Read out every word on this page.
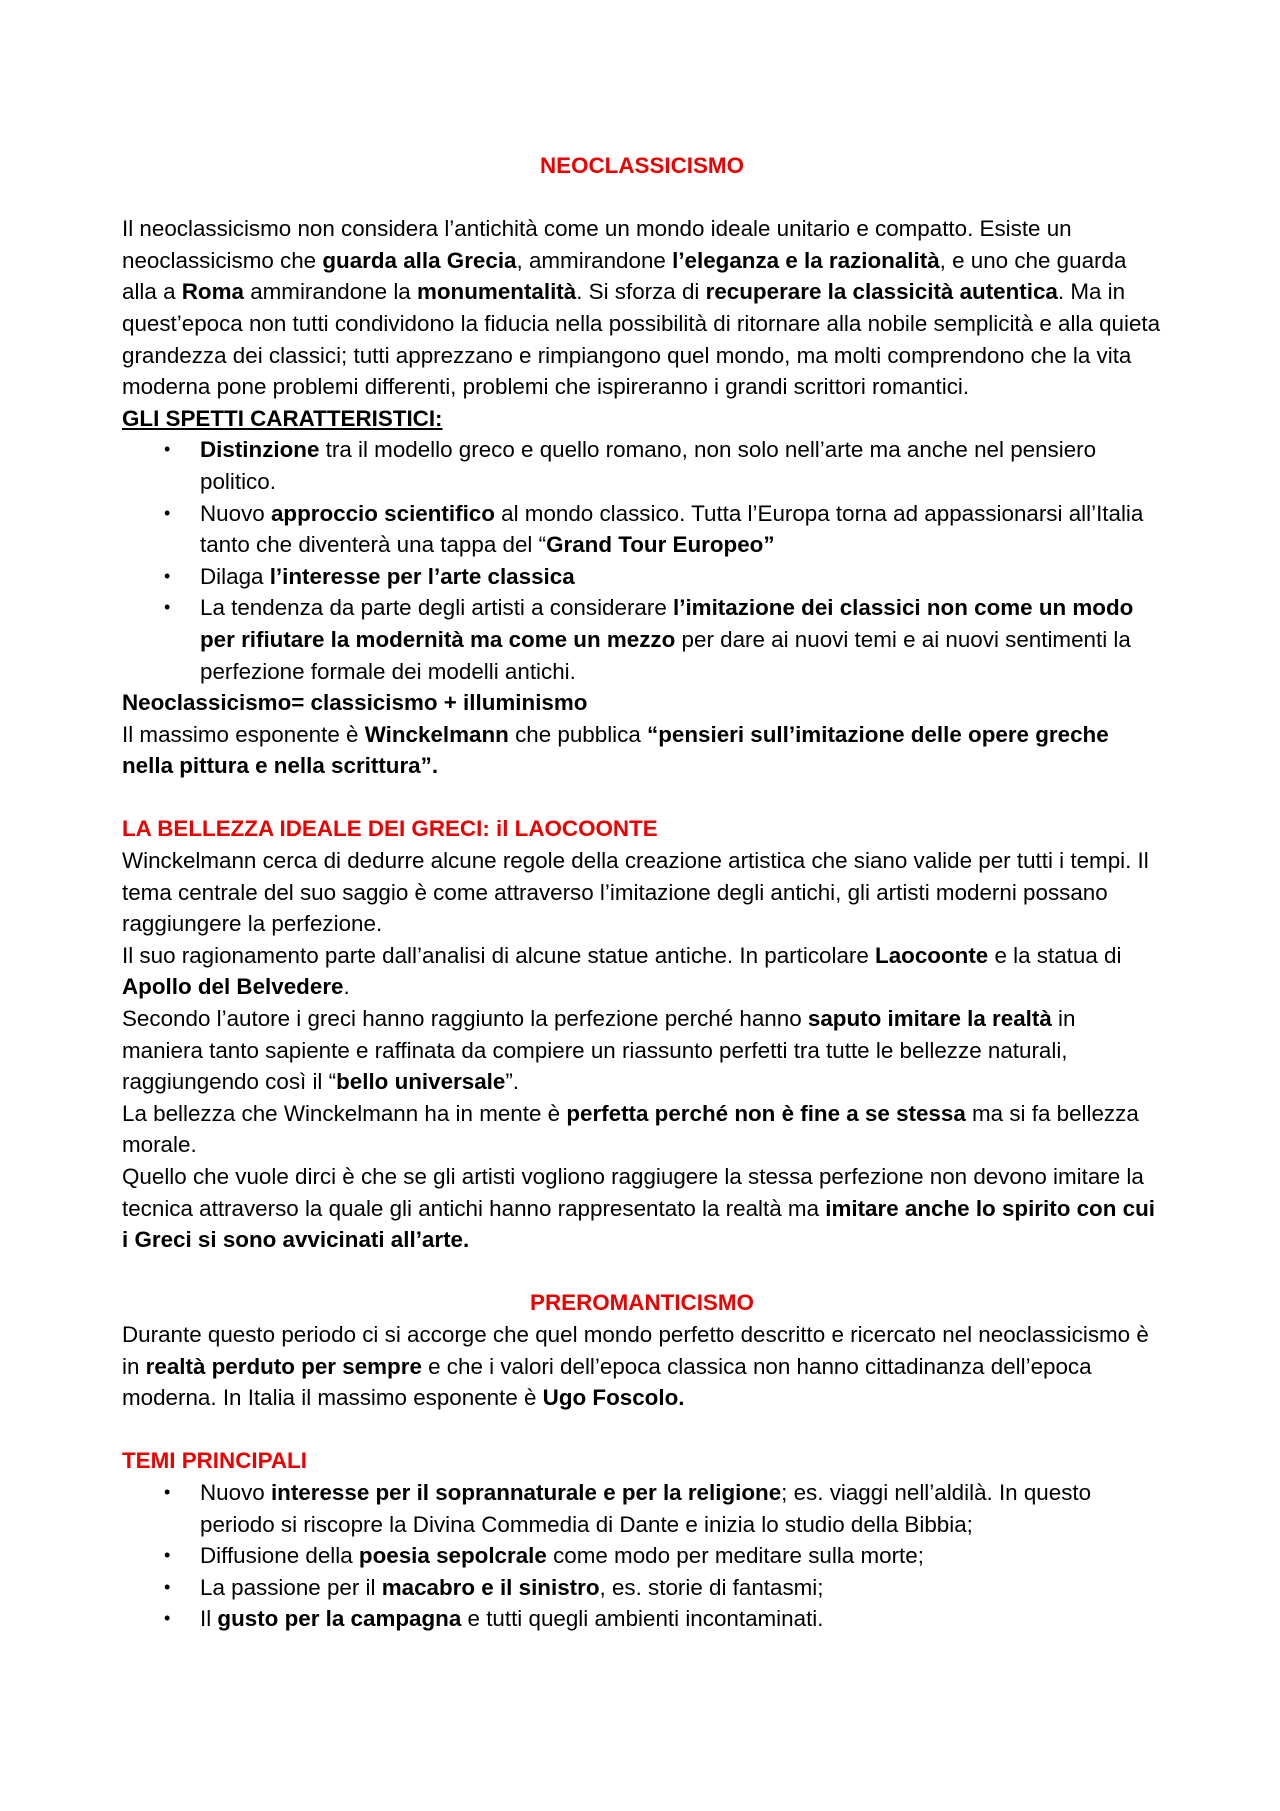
NEOCLASSICISMO

Il neoclassicismo non considera l’antichità come un mondo ideale unitario e compatto. Esiste un neoclassicismo che guarda alla Grecia, ammirandone l’eleganza e la razionalità, e uno che guarda alla a Roma ammirandone la monumentalità. Si sforza di recuperare la classicità autentica. Ma in quest’epoca non tutti condividono la fiducia nella possibilità di ritornare alla nobile semplicità e alla quieta grandezza dei classici; tutti apprezzano e rimpiangono quel mondo, ma molti comprendono che la vita moderna pone problemi differenti, problemi che ispireranno i grandi scrittori romantici.

GLI SPETTI CARATTERISTICI:

• Distinzione tra il modello greco e quello romano, non solo nell’arte ma anche nel pensiero politico.
• Nuovo approccio scientifico al mondo classico. Tutta l’Europa torna ad appassionarsi all’Italia tanto che diventerà una tappa del “Grand Tour Europeo”
• Dilaga l’interesse per l’arte classica
• La tendenza da parte degli artisti a considerare l’imitazione dei classici non come un modo per rifiutare la modernità ma come un mezzo per dare ai nuovi temi e ai nuovi sentimenti la perfezione formale dei modelli antichi.

Neoclassicismo= classicismo + illuminismo

Il massimo esponente è Winckelmann che pubblica “pensieri sull’imitazione delle opere greche nella pittura e nella scrittura”.

LA BELLEZZA IDEALE DEI GRECI: il LAOCOONTE

Winckelmann cerca di dedurre alcune regole della creazione artistica che siano valide per tutti i tempi. Il tema centrale del suo saggio è come attraverso l’imitazione degli antichi, gli artisti moderni possano raggiungere la perfezione.

Il suo ragionamento parte dall’analisi di alcune statue antiche. In particolare Laocoonte e la statua di Apollo del Belvedere.

Secondo l’autore i greci hanno raggiunto la perfezione perché hanno saputo imitare la realtà in maniera tanto sapiente e raffinata da compiere un riassunto perfetti tra tutte le bellezze naturali, raggiungendo così il “bello universale”.

La bellezza che Winckelmann ha in mente è perfetta perché non è fine a se stessa ma si fa bellezza morale.

Quello che vuole dirci è che se gli artisti vogliono raggiugere la stessa perfezione non devono imitare la tecnica attraverso la quale gli antichi hanno rappresentato la realtà ma imitare anche lo spirito con cui i Greci si sono avvicinati all’arte.

PREROMANTICISMO

Durante questo periodo ci si accorge che quel mondo perfetto descritto e ricercato nel neoclassicismo è in realtà perduto per sempre e che i valori dell’epoca classica non hanno cittadinanza dell’epoca moderna. In Italia il massimo esponente è Ugo Foscolo.

TEMI PRINCIPALI
• Nuovo interesse per il soprannaturale e per la religione; es. viaggi nell’aldilà. In questo periodo si riscopre la Divina Commedia di Dante e inizia lo studio della Bibbia;
• Diffusione della poesia sepolcrale come modo per meditare sulla morte;
• La passione per il macabro e il sinistro, es. storie di fantasmi;
• Il gusto per la campagna e tutti quegli ambienti incontaminati.
